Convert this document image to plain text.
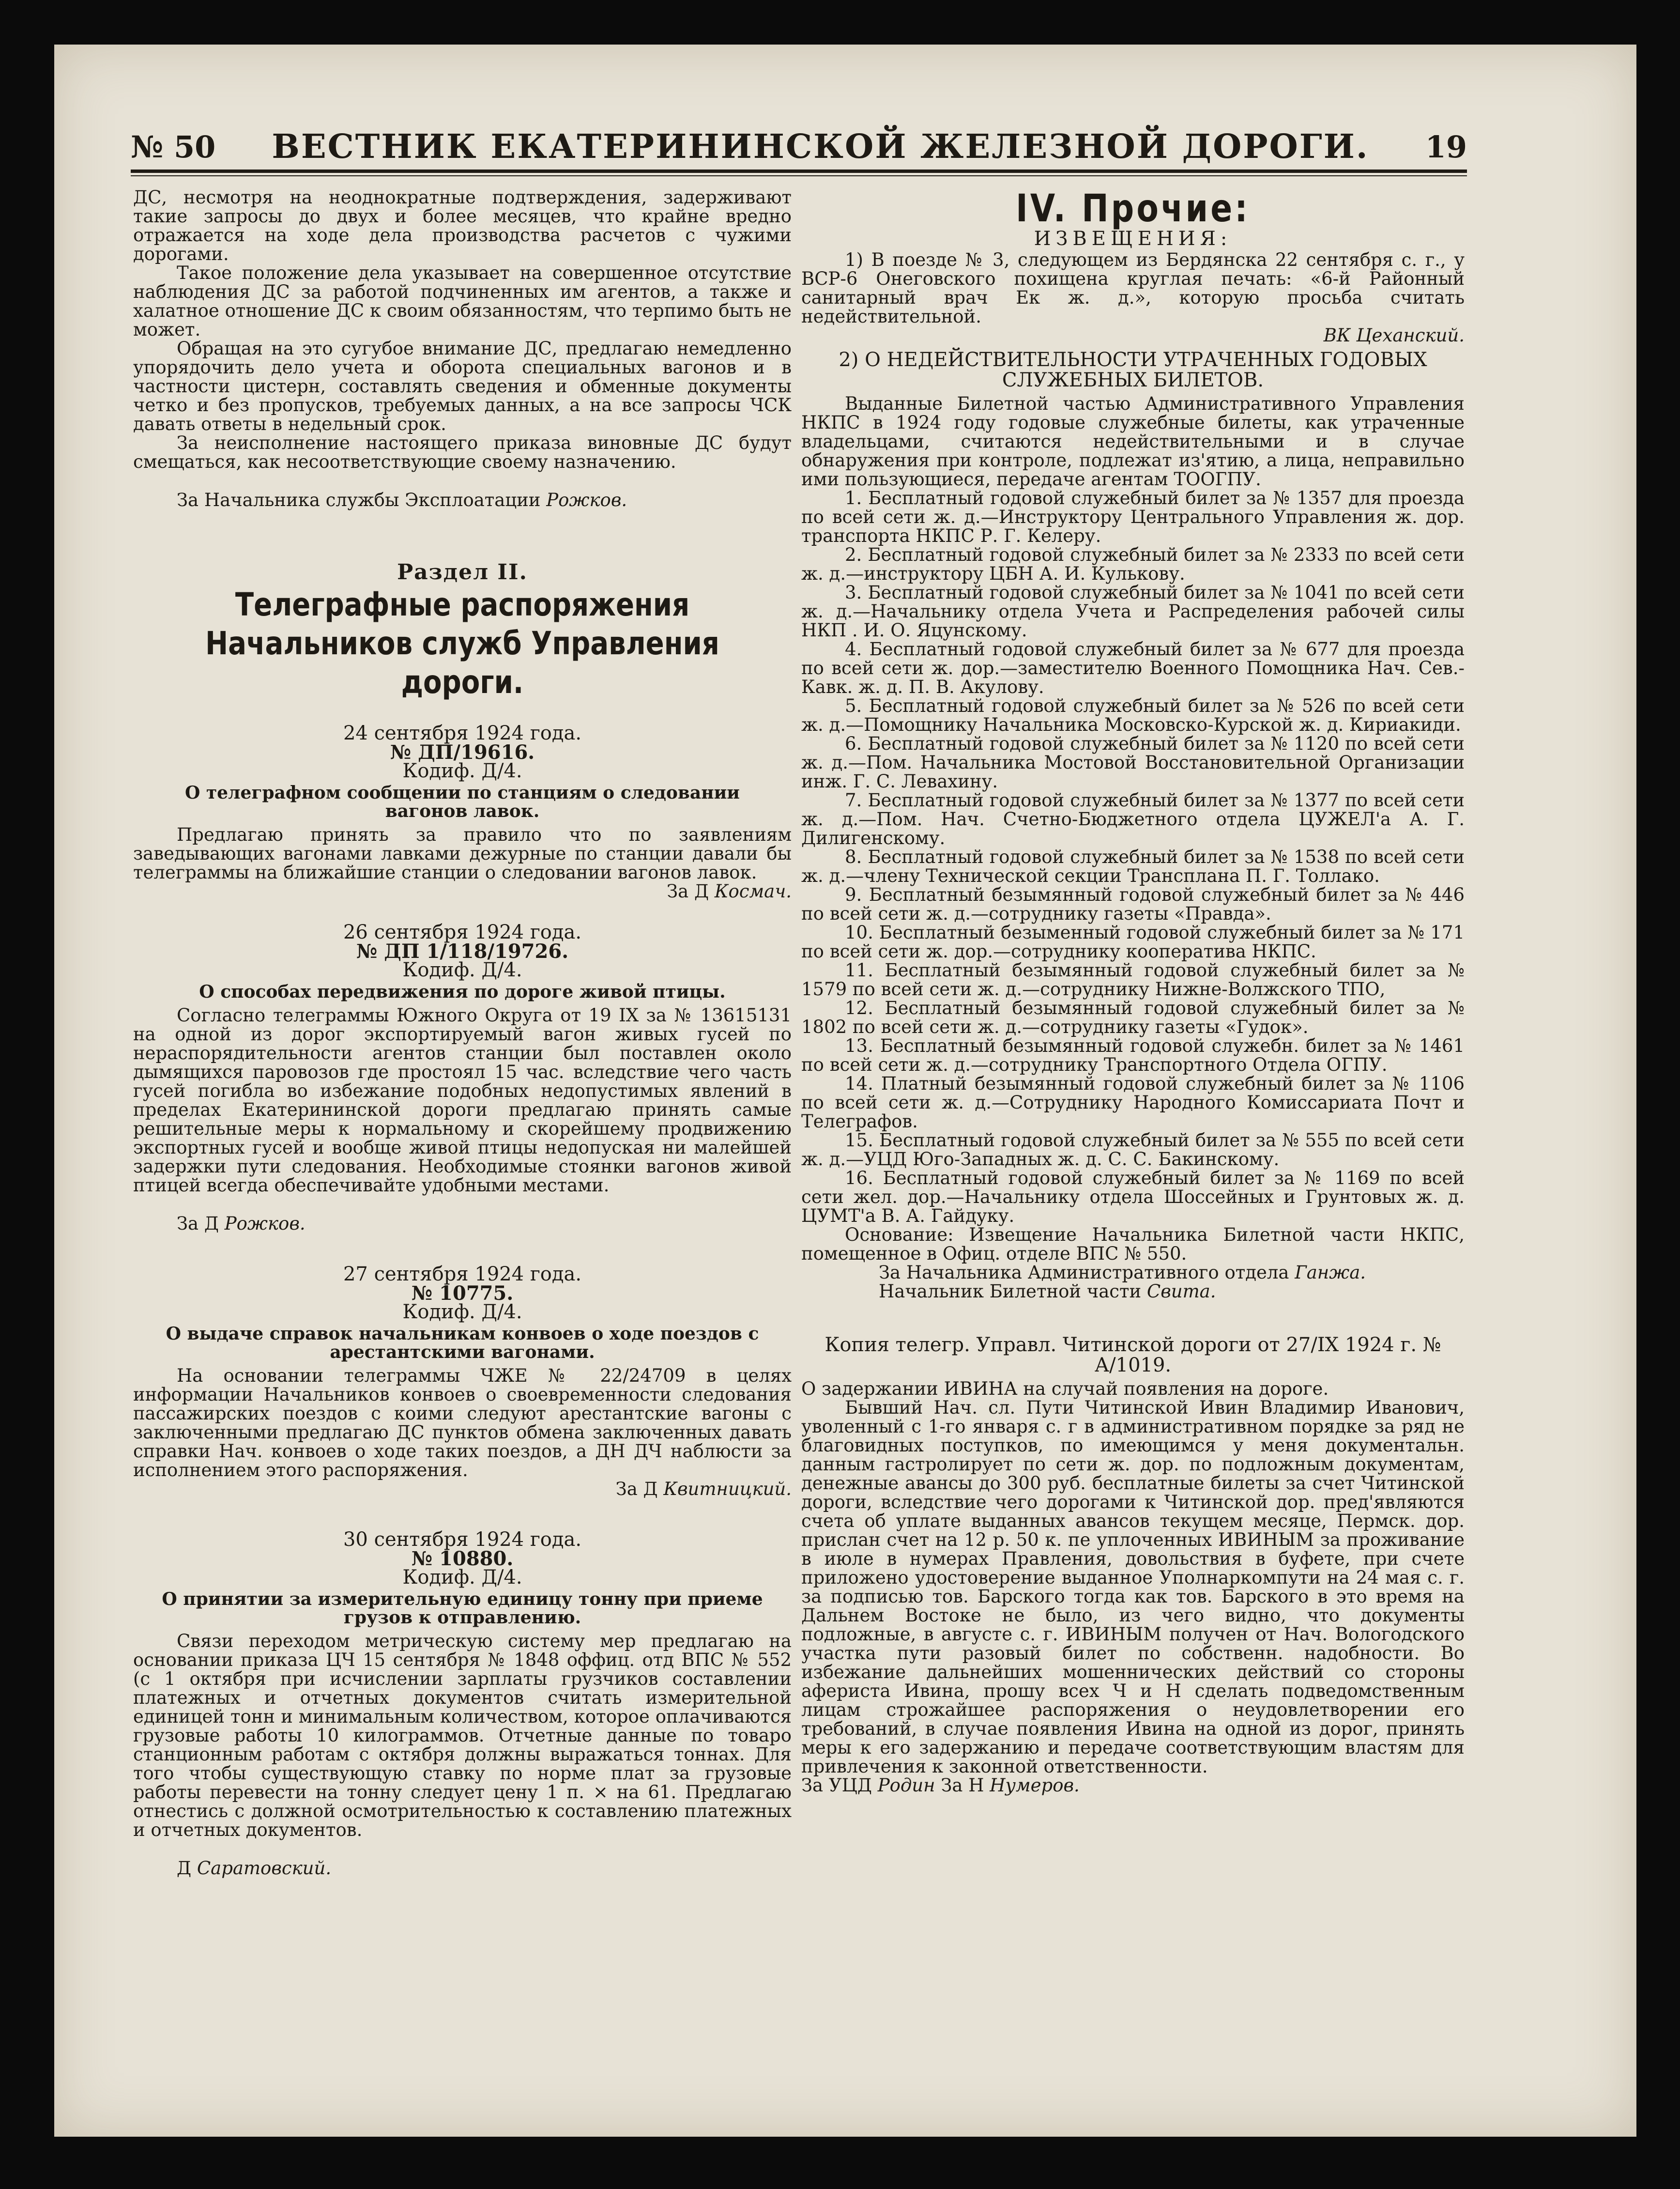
№ 50 ВЕСТНИК ЕКАТЕРИНИНСКОЙ ЖЕЛЕЗНОЙ ДОРОГИ. 19

ДС, несмотря на неоднократные подтверждения, задерживают такие запросы до двух и более месяцев, что крайне вредно отражается на ходе дела производства расчетов с чужими дорогами.

Такое положение дела указывает на совершенное отсутствие наблюдения ДС за работой подчиненных им агентов, а также и халатное отношение ДС к своим обязанностям, что терпимо быть не может.

Обращая на это сугубое внимание ДС, предлагаю немедленно упорядочить дело учета и оборота специальных вагонов и в частности цистерн, составлять сведения и обменные документы четко и без пропусков, требуемых данных, а на все запросы ЧСК давать ответы в недельный срок.

За неисполнение настоящего приказа виновные ДС будут смещаться, как несоответствующие своему назначению.

За Начальника службы Эксплоатации Рожков.

Раздел II.
Телеграфные распоряжения Начальников служб Управления дороги.
24 сентября 1924 года.
№ ДП/19616.
Кодиф. Д/4.
О телеграфном сообщении по станциям о следовании вагонов лавок.

Предлагаю принять за правило что по заявлениям заведывающих вагонами лавками дежурные по станции давали бы телеграммы на ближайшие станции о следовании вагонов лавок.

За Д Космач.

26 сентября 1924 года.
№ ДП 1/118/19726.
Кодиф. Д/4.
О способах передвижения по дороге живой птицы.

Согласно телеграммы Южного Округа от 19 IX за № 13615131 на одной из дорог экспортируемый вагон живых гусей по нераспорядительности агентов станции был поставлен около дымящихся паровозов где простоял 15 час. вследствие чего часть гусей погибла во избежание подобных недопустимых явлений в пределах Екатерининской дороги предлагаю принять самые решительные меры к нормальному и скорейшему продвижению экспортных гусей и вообще живой птицы недопуская ни малейшей задержки пути следования. Необходимые стоянки вагонов живой птицей всегда обеспечивайте удобными местами.

За Д Рожков.

27 сентября 1924 года.
№ 10775.
Кодиф. Д/4.
О выдаче справок начальникам конвоев о ходе поездов с арестантскими вагонами.

На основании телеграммы ЧЖЕ № 22/24709 в целях информации Начальников конвоев о своевременности следования пассажирских поездов с коими следуют арестантские вагоны с заключенными предлагаю ДС пунктов обмена заключенных давать справки Нач. конвоев о ходе таких поездов, а ДН ДЧ наблюсти за исполнением этого распоряжения.

За Д Квитницкий.

30 сентября 1924 года.
№ 10880.
Кодиф. Д/4.
О принятии за измерительную единицу тонну при приеме грузов к отправлению.

Связи переходом метрическую систему мер предлагаю на основании приказа ЦЧ 15 сентября № 1848 оффиц. отд ВПС № 552 (с 1 октября при исчислении зарплаты грузчиков составлении платежных и отчетных документов считать измерительной единицей тонн и минимальным количеством, которое оплачиваются грузовые работы 10 килограммов. Отчетные данные по товаро станционным работам с октября должны выражаться тоннах. Для того чтобы существующую ставку по норме плат за грузовые работы перевести на тонну следует цену 1 п. × на 61. Предлагаю отнестись с должной осмотрительностью к составлению платежных и отчетных документов.

Д Саратовский.

IV. Прочие:
ИЗВЕЩЕНИЯ:

1) В поезде № 3, следующем из Бердянска 22 сентября с. г., у ВСР-6 Онеговского похищена круглая печать: «6-й Районный санитарный врач Ек ж. д.», которую просьба считать недействительной.

ВК Цеханский.

2) О НЕДЕЙСТВИТЕЛЬНОСТИ УТРАЧЕННЫХ ГОДОВЫХ СЛУЖЕБНЫХ БИЛЕТОВ.

Выданные Билетной частью Административного Управления НКПС в 1924 году годовые служебные билеты, как утраченные владельцами, считаются недействительными и в случае обнаружения при контроле, подлежат из'ятию, а лица, неправильно ими пользующиеся, передаче агентам ТООГПУ.

1. Бесплатный годовой служебный билет за № 1357 для проезда по всей сети ж. д.—Инструктору Центрального Управления ж. дор. транспорта НКПС Р. Г. Келеру.

2. Бесплатный годовой служебный билет за № 2333 по всей сети ж. д.—инструктору ЦБН А. И. Кулькову.

3. Бесплатный годовой служебный билет за № 1041 по всей сети ж. д.—Начальнику отдела Учета и Распределения рабочей силы НКП . И. О. Яцунскому.

4. Бесплатный годовой служебный билет за № 677 для проезда по всей сети ж. дор.—заместителю Военного Помощника Нач. Сев.-Кавк. ж. д. П. В. Акулову.

5. Бесплатный годовой служебный билет за № 526 по всей сети ж. д.—Помощнику Начальника Московско-Курской ж. д. Кириакиди.

6. Бесплатный годовой служебный билет за № 1120 по всей сети ж. д.—Пом. Начальника Мостовой Восстановительной Организации инж. Г. С. Левахину.

7. Бесплатный годовой служебный билет за № 1377 по всей сети ж. д.—Пом. Нач. Счетно-Бюджетного отдела ЦУЖЕЛ'а А. Г. Дилигенскому.

8. Бесплатный годовой служебный билет за № 1538 по всей сети ж. д.—члену Технической секции Трансплана П. Г. Толлако.

9. Бесплатный безымянный годовой служебный билет за № 446 по всей сети ж. д.—сотруднику газеты «Правда».

10. Бесплатный безыменный годовой служебный билет за № 171 по всей сети ж. дор.—сотруднику кооператива НКПС.

11. Бесплатный безымянный годовой служебный билет за № 1579 по всей сети ж. д.—сотруднику Нижне-Волжского ТПО,

12. Бесплатный безымянный годовой служебный билет за № 1802 по всей сети ж. д.—сотруднику газеты «Гудок».

13. Бесплатный безымянный годовой служебн. билет за № 1461 по всей сети ж. д.—сотруднику Транспортного Отдела ОГПУ.

14. Платный безымянный годовой служебный билет за № 1106 по всей сети ж. д.—Сотруднику Народного Комиссариата Почт и Телеграфов.

15. Бесплатный годовой служебный билет за № 555 по всей сети ж. д.—УЦД Юго-Западных ж. д. С. С. Бакинскому.

16. Бесплатный годовой служебный билет за № 1169 по всей сети жел. дор.—Начальнику отдела Шоссейных и Грунтовых ж. д. ЦУМТ'а В. А. Гайдуку.

Основание: Извещение Начальника Билетной части НКПС, помещенное в Офиц. отделе ВПС № 550.

За Начальника Административного отдела Ганжа.

Начальник Билетной части Свита.

Копия телегр. Управл. Читинской дороги от 27/IX 1924 г. № А/1019.

О задержании ИВИНА на случай появления на дороге.

Бывший Нач. сл. Пути Читинской Ивин Владимир Иванович, уволенный с 1-го января с. г в административном порядке за ряд не благовидных поступков, по имеющимся у меня документальн. данным гастролирует по сети ж. дор. по подложным документам, денежные авансы до 300 руб. бесплатные билеты за счет Читинской дороги, вследствие чего дорогами к Читинской дор. пред'являются счета об уплате выданных авансов текущем месяце, Пермск. дор. прислан счет на 12 р. 50 к. пе уплоченных ИВИНЫМ за проживание в июле в нумерах Правления, довольствия в буфете, при счете приложено удостоверение выданное Уполнаркомпути на 24 мая с. г. за подписью тов. Барского тогда как тов. Барского в это время на Дальнем Востоке не было, из чего видно, что документы подложные, в августе с. г. ИВИНЫМ получен от Нач. Вологодского участка пути разовый билет по собственн. надобности. Во избежание дальнейших мошеннических действий со стороны афериста Ивина, прошу всех Ч и Н сделать подведомственным лицам строжайшее распоряжения о неудовлетворении его требований, в случае появления Ивина на одной из дорог, принять меры к его задержанию и передаче соответствующим властям для привлечения к законной ответственности.

За УЦД Родин За Н Нумеров.
